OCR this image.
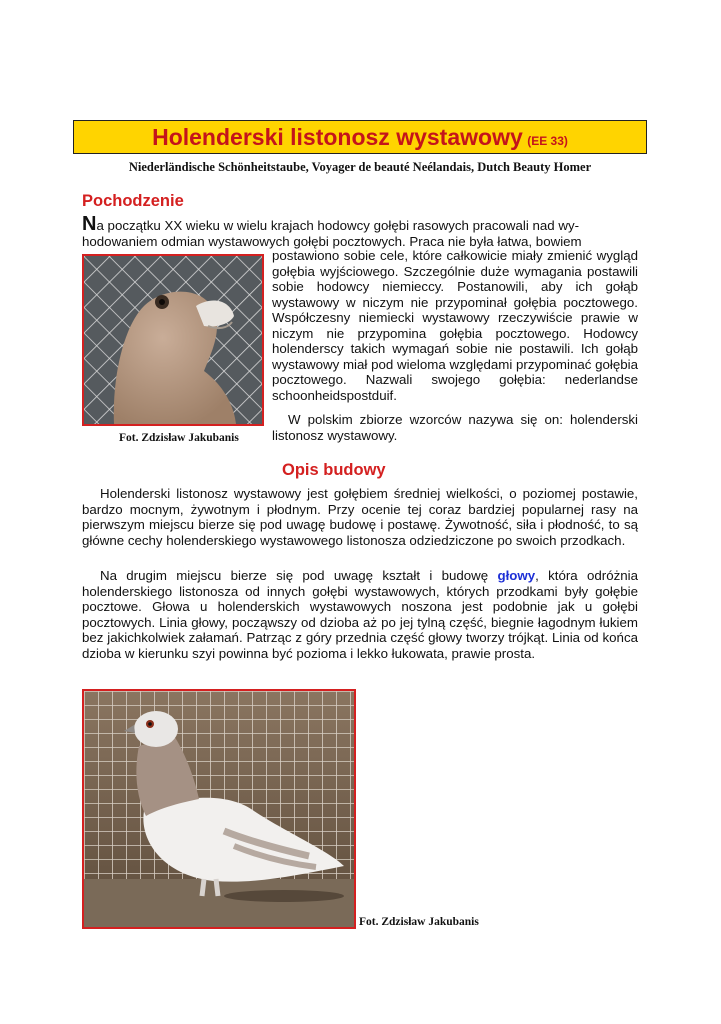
Holenderski listonosz wystawowy (EE 33)
Niederländische Schönheitstaube, Voyager de beauté Neélandais, Dutch Beauty Homer
Pochodzenie

Na początku XX wieku w wielu krajach hodowcy gołębi rasowych pracowali nad wy-
hodowaniem odmian wystawowych gołębi pocztowych. Praca nie była łatwa, bowiem

Fot. Zdzisław Jakubanis

postawiono sobie cele, które całkowicie miały zmienić wygląd gołębia wyjściowego. Szczególnie duże wymagania postawili sobie hodowcy niemieccy. Postanowili, aby ich gołąb wystawowy w niczym nie przypominał gołębia pocztowego. Współczesny niemiecki wystawowy rzeczywiście prawie w niczym nie przypomina gołębia pocztowego. Hodowcy holenderscy takich wymagań sobie nie postawili. Ich gołąb wystawowy miał pod wieloma względami przypominać gołębia pocztowego. Nazwali swojego gołębia: nederlandse schoonheidspostduif.

W polskim zbiorze wzorców nazywa się on: holenderski listonosz wystawowy.

Opis budowy

Holenderski listonosz wystawowy jest gołębiem średniej wielkości, o poziomej postawie, bardzo mocnym, żywotnym i płodnym. Przy ocenie tej coraz bardziej popularnej rasy na pierwszym miejscu bierze się pod uwagę budowę i postawę. Żywotność, siła i płodność, to są główne cechy holenderskiego wystawowego listonosza odziedziczone po swoich przodkach.

Na drugim miejscu bierze się pod uwagę kształt i budowę głowy, która odróżnia holenderskiego listonosza od innych gołębi wystawowych, których przodkami były gołębie pocztowe. Głowa u holenderskich wystawowych noszona jest podobnie jak u gołębi pocztowych. Linia głowy, począwszy od dzioba aż po jej tylną część, biegnie łagodnym łukiem bez jakichkolwiek załamań. Patrząc z góry przednia część głowy tworzy trójkąt. Linia od końca dzioba w kierunku szyi powinna być pozioma i lekko łukowata, prawie prosta.

Fot. Zdzisław Jakubanis
